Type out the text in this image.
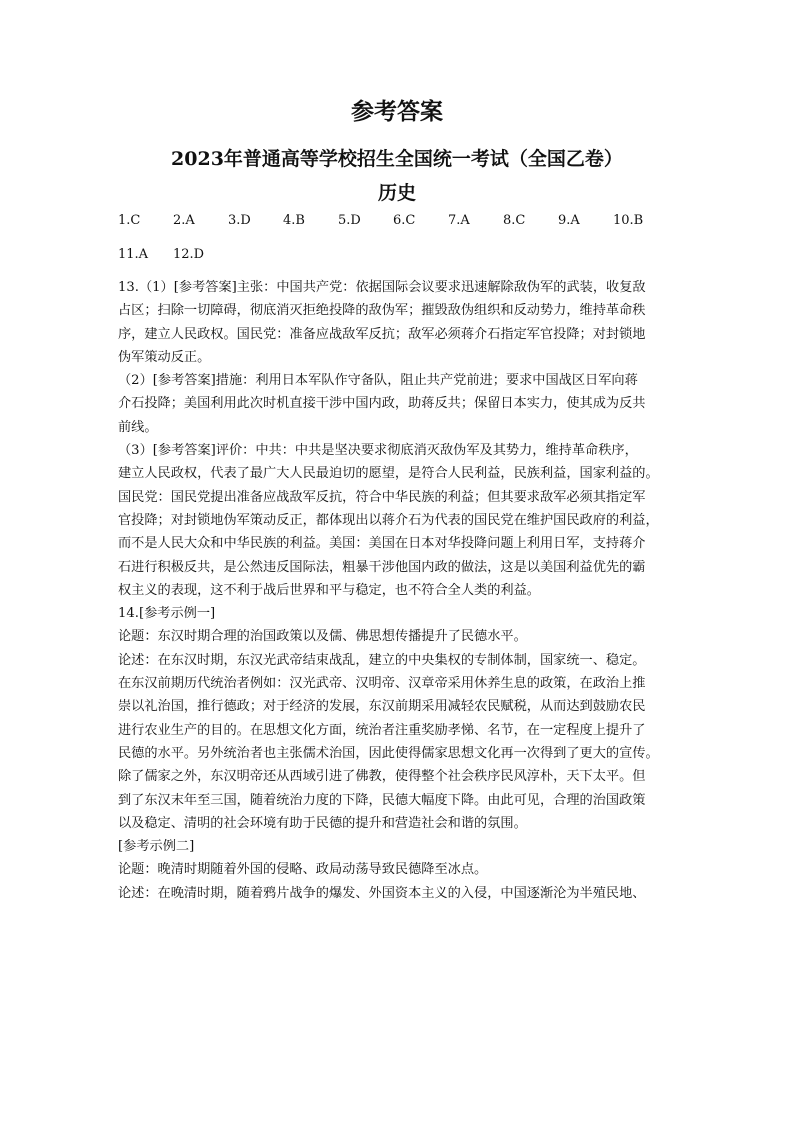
参考答案
2023年普通高等学校招生全国统一考试（全国乙卷）
历史
1.C	2.A	3.D 4.B	5.D 6.C	7.A	8.C	9.A	10.B
11.A 12.D

13.（1）[参考答案]主张：中国共产党：依据国际会议要求迅速解除敌伪军的武装，收复敌

占区；扫除一切障碍，彻底消灭拒绝投降的敌伪军；摧毁敌伪组织和反动势力，维持革命秩

序，建立人民政权。国民党：准备应战敌军反抗；敌军必须蒋介石指定军官投降；对封锁地

伪军策动反正。

（2）[参考答案]措施：利用日本军队作守备队，阻止共产党前进；要求中国战区日军向蒋

介石投降；美国利用此次时机直接干涉中国内政，助蒋反共；保留日本实力，使其成为反共

前线。

（3）[参考答案]评价：中共：中共是坚决要求彻底消灭敌伪军及其势力，维持革命秩序，

建立人民政权，代表了最广大人民最迫切的愿望，是符合人民利益，民族利益，国家利益的。

国民党：国民党提出准备应战敌军反抗，符合中华民族的利益；但其要求敌军必须其指定军

官投降；对封锁地伪军策动反正，都体现出以蒋介石为代表的国民党在维护国民政府的利益，

而不是人民大众和中华民族的利益。美国：美国在日本对华投降问题上利用日军，支持蒋介

石进行积极反共，是公然违反国际法，粗暴干涉他国内政的做法，这是以美国利益优先的霸

权主义的表现，这不利于战后世界和平与稳定，也不符合全人类的利益。

14.[参考示例一]

论题：东汉时期合理的治国政策以及儒、佛思想传播提升了民德水平。

论述：在东汉时期，东汉光武帝结束战乱，建立的中央集权的专制体制，国家统一、稳定。

在东汉前期历代统治者例如：汉光武帝、汉明帝、汉章帝采用休养生息的政策，在政治上推

崇以礼治国，推行德政；对于经济的发展，东汉前期采用减轻农民赋税，从而达到鼓励农民

进行农业生产的目的。在思想文化方面，统治者注重奖励孝悌、名节，在一定程度上提升了

民德的水平。另外统治者也主张儒术治国，因此使得儒家思想文化再一次得到了更大的宣传。

除了儒家之外，东汉明帝还从西域引进了佛教，使得整个社会秩序民风淳朴，天下太平。但

到了东汉末年至三国，随着统治力度的下降，民德大幅度下降。由此可见，合理的治国政策

以及稳定、清明的社会环境有助于民德的提升和营造社会和谐的氛围。

[参考示例二]

论题：晚清时期随着外国的侵略、政局动荡导致民德降至冰点。

论述：在晚清时期，随着鸦片战争的爆发、外国资本主义的入侵，中国逐渐沦为半殖民地、
